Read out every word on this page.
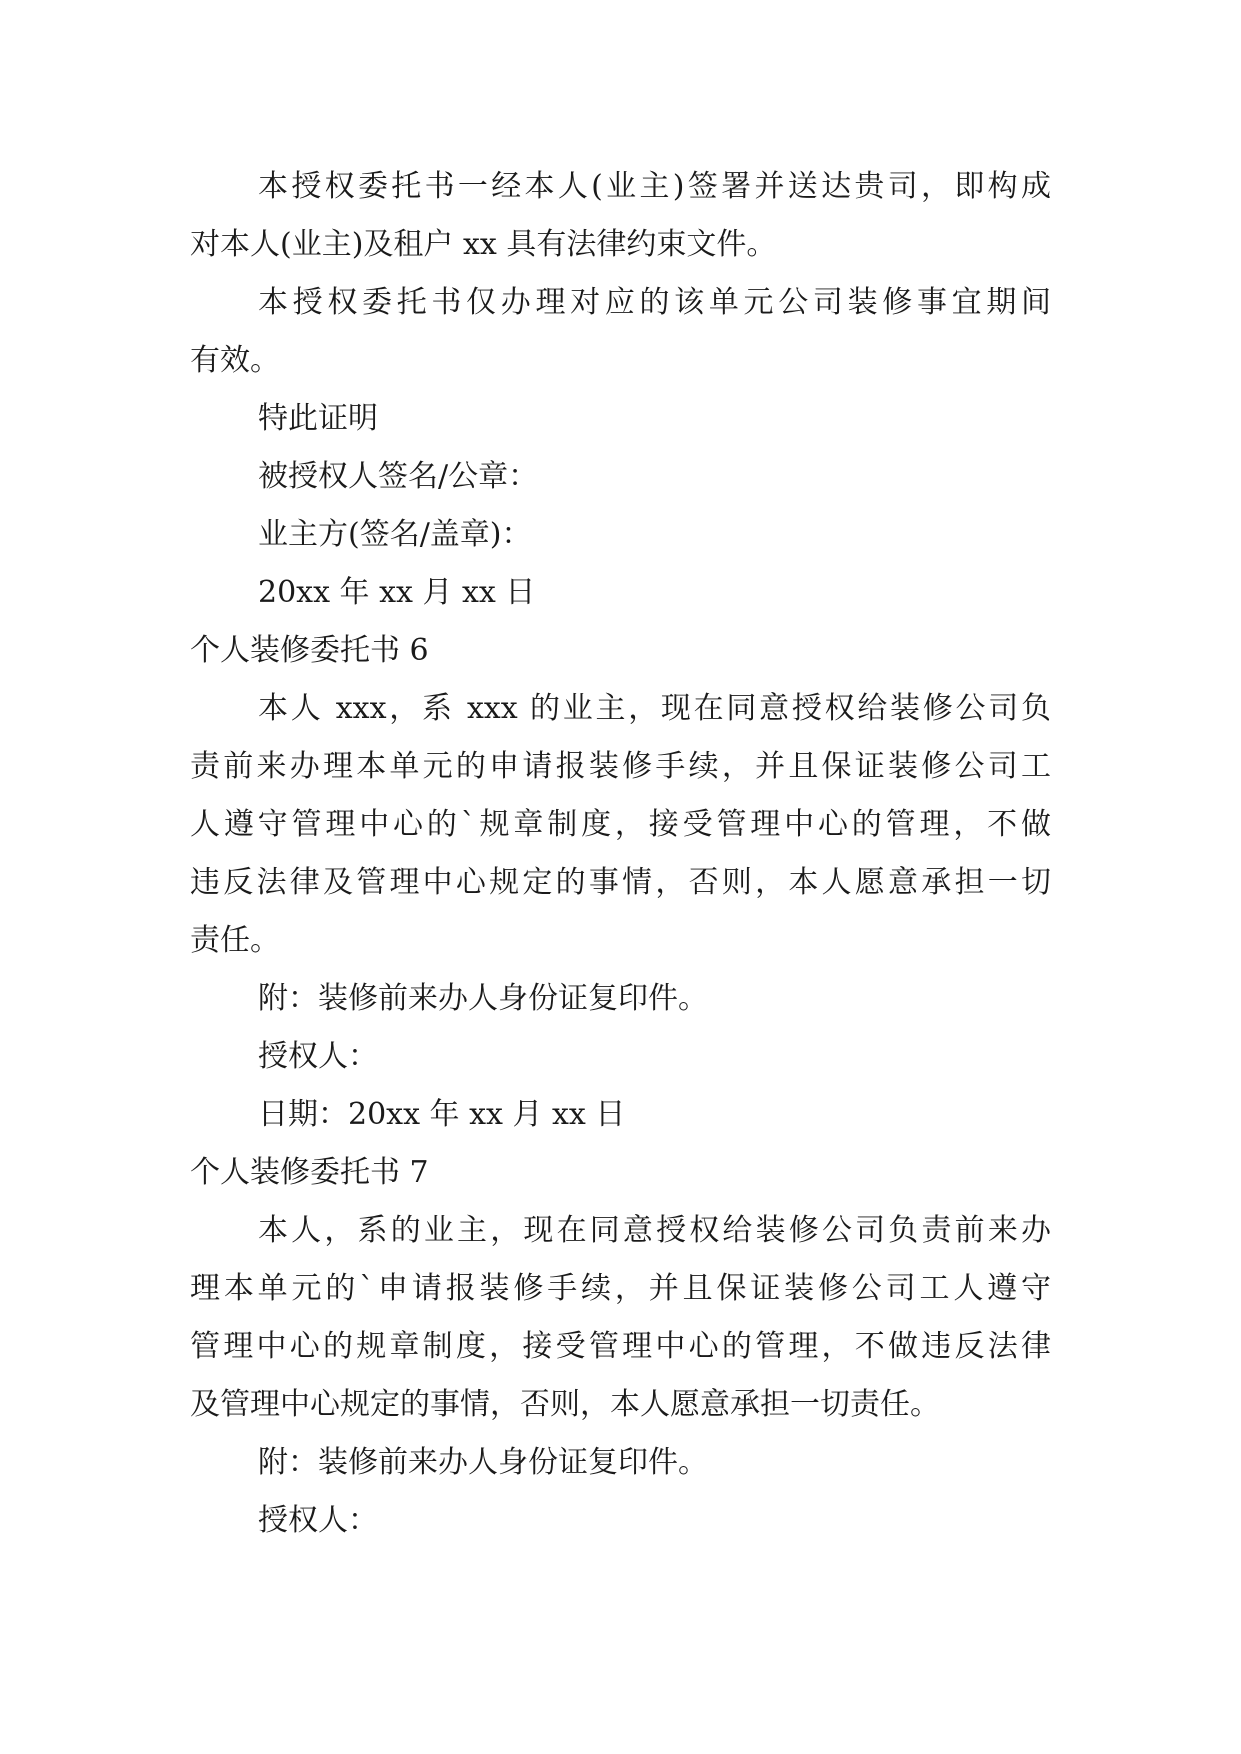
本授权委托书一经本人(业主)签署并送达贵司，即构成
对本人(业主)及租户 xx 具有法律约束文件。
本授权委托书仅办理对应的该单元公司装修事宜期间
有效。
特此证明
被授权人签名/公章：
业主方(签名/盖章)：
20xx 年 xx 月 xx 日
个人装修委托书 6
本人 xxx，系 xxx 的业主，现在同意授权给装修公司负
责前来办理本单元的申请报装修手续，并且保证装修公司工
人遵守管理中心的`规章制度，接受管理中心的管理，不做
违反法律及管理中心规定的事情，否则，本人愿意承担一切
责任。
附：装修前来办人身份证复印件。
授权人：
日期：20xx 年 xx 月 xx 日
个人装修委托书 7
本人，系的业主，现在同意授权给装修公司负责前来办
理本单元的`申请报装修手续，并且保证装修公司工人遵守
管理中心的规章制度，接受管理中心的管理，不做违反法律
及管理中心规定的事情，否则，本人愿意承担一切责任。
附：装修前来办人身份证复印件。
授权人：
